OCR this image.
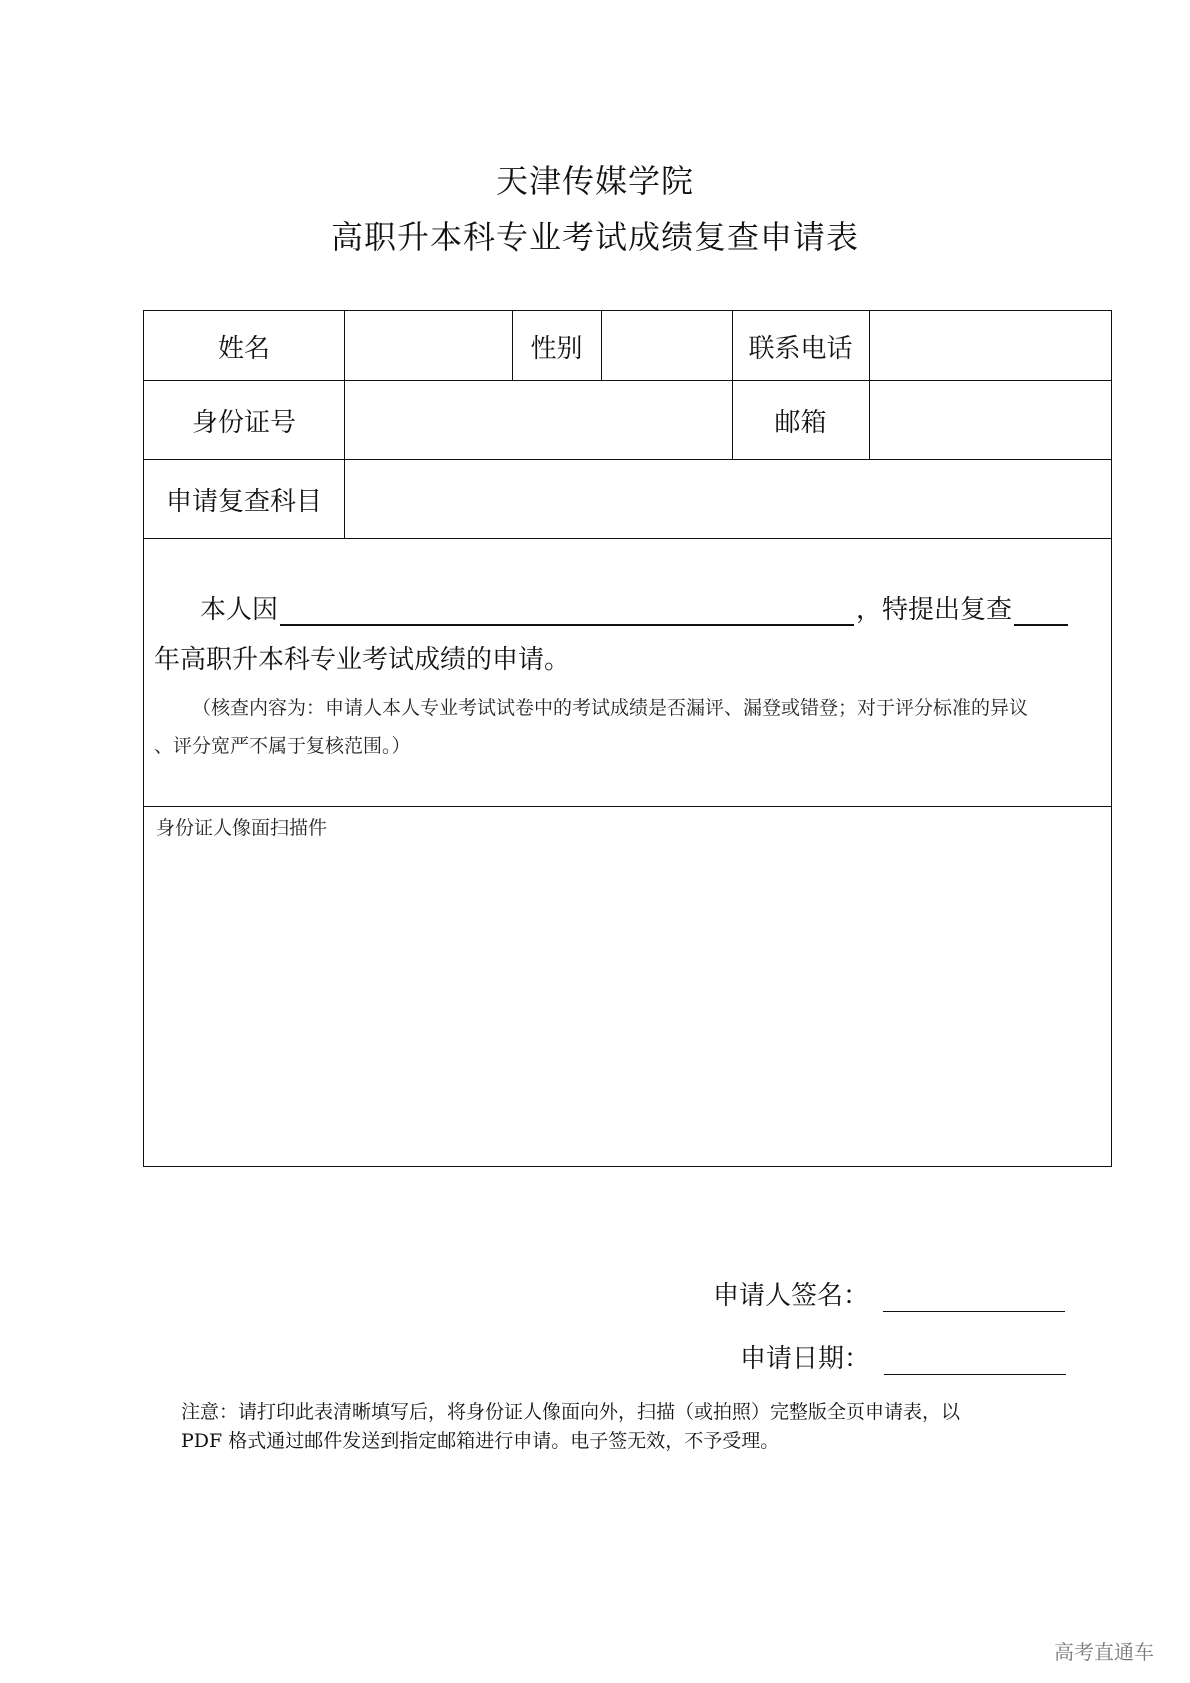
天津传媒学院
高职升本科专业考试成绩复查申请表
姓名	性别	联系电话
身份证号	邮箱
申请复查科目
本人因	，特提出复查
年高职升本科专业考试成绩的申请。
（核查内容为：申请人本人专业考试试卷中的考试成绩是否漏评、漏登或错登；对于评分标准的异议
、评分宽严不属于复核范围。）
身份证人像面扫描件
申请人签名：
申请日期：
注意：请打印此表清晰填写后，将身份证人像面向外，扫描（或拍照）完整版全页申请表，以
PDF 格式通过邮件发送到指定邮箱进行申请。电子签无效，不予受理。
高考直通车
